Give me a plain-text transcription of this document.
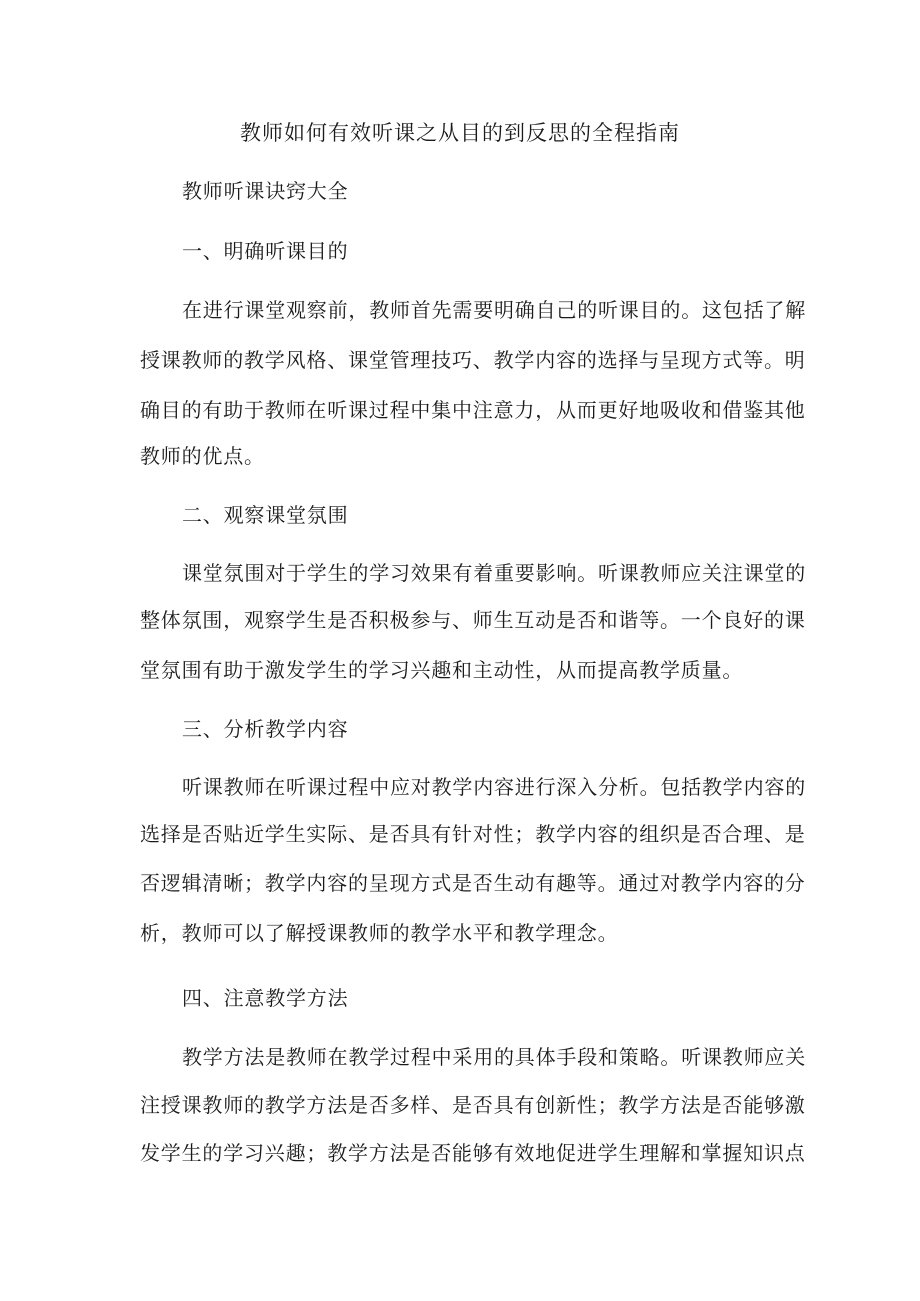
教师如何有效听课之从目的到反思的全程指南

教师听课诀窍大全

一、明确听课目的

在进行课堂观察前，教师首先需要明确自己的听课目的。这包括了解

授课教师的教学风格、课堂管理技巧、教学内容的选择与呈现方式等。明

确目的有助于教师在听课过程中集中注意力，从而更好地吸收和借鉴其他

教师的优点。

二、观察课堂氛围

课堂氛围对于学生的学习效果有着重要影响。听课教师应关注课堂的

整体氛围，观察学生是否积极参与、师生互动是否和谐等。一个良好的课

堂氛围有助于激发学生的学习兴趣和主动性，从而提高教学质量。

三、分析教学内容

听课教师在听课过程中应对教学内容进行深入分析。包括教学内容的

选择是否贴近学生实际、是否具有针对性；教学内容的组织是否合理、是

否逻辑清晰；教学内容的呈现方式是否生动有趣等。通过对教学内容的分

析，教师可以了解授课教师的教学水平和教学理念。

四、注意教学方法

教学方法是教师在教学过程中采用的具体手段和策略。听课教师应关

注授课教师的教学方法是否多样、是否具有创新性；教学方法是否能够激

发学生的学习兴趣；教学方法是否能够有效地促进学生理解和掌握知识点
